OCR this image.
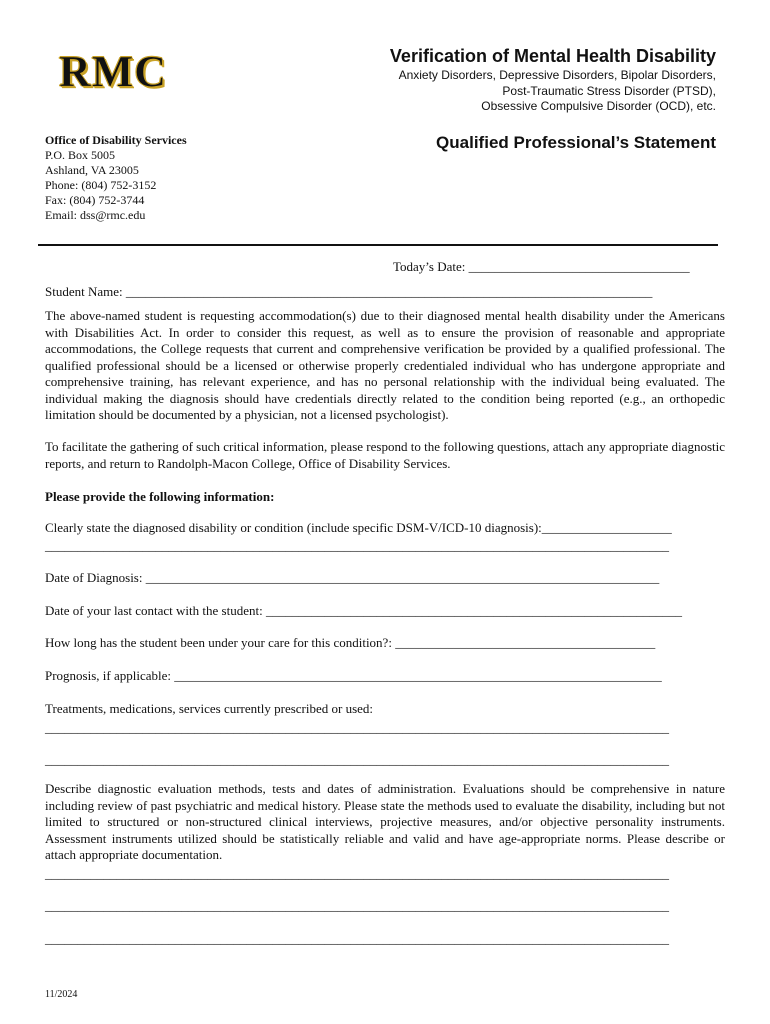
RMC	Verification of Mental Health Disability
Anxiety Disorders, Depressive Disorders, Bipolar Disorders,
Post-Traumatic Stress Disorder (PTSD),
Obsessive Compulsive Disorder (OCD), etc.
Office of Disability Services
P.O. Box 5005
Ashland, VA 23005
Phone: (804) 752-3152
Fax: (804) 752-3744
Email: dss@rmc.edu
Qualified Professional’s Statement
Today’s Date: __________________________________
Student Name: _________________________________________________________________________________
The above-named student is requesting accommodation(s) due to their diagnosed mental health disability under the Americans with Disabilities Act. In order to consider this request, as well as to ensure the provision of reasonable and appropriate accommodations, the College requests that current and comprehensive verification be provided by a qualified professional. The qualified professional should be a licensed or otherwise properly credentialed individual who has undergone appropriate and comprehensive training, has relevant experience, and has no personal relationship with the individual being evaluated. The individual making the diagnosis should have credentials directly related to the condition being reported (e.g., an orthopedic limitation should be documented by a physician, not a licensed psychologist).
To facilitate the gathering of such critical information, please respond to the following questions, attach any appropriate diagnostic reports, and return to Randolph-Macon College, Office of Disability Services.
Please provide the following information:
Clearly state the diagnosed disability or condition (include specific DSM-V/ICD-10 diagnosis):____________________
________________________________________________________________________________________________
Date of Diagnosis: _______________________________________________________________________________
Date of your last contact with the student: ________________________________________________________________
How long has the student been under your care for this condition?: ________________________________________
Prognosis, if applicable: ___________________________________________________________________________
Treatments, medications, services currently prescribed or used:
________________________________________________________________________________________________
________________________________________________________________________________________________
Describe diagnostic evaluation methods, tests and dates of administration. Evaluations should be comprehensive in nature including review of past psychiatric and medical history. Please state the methods used to evaluate the disability, including but not limited to structured or non-structured clinical interviews, projective measures, and/or objective personality instruments. Assessment instruments utilized should be statistically reliable and valid and have age-appropriate norms. Please describe or attach appropriate documentation.
________________________________________________________________________________________________
________________________________________________________________________________________________
________________________________________________________________________________________________
11/2024
